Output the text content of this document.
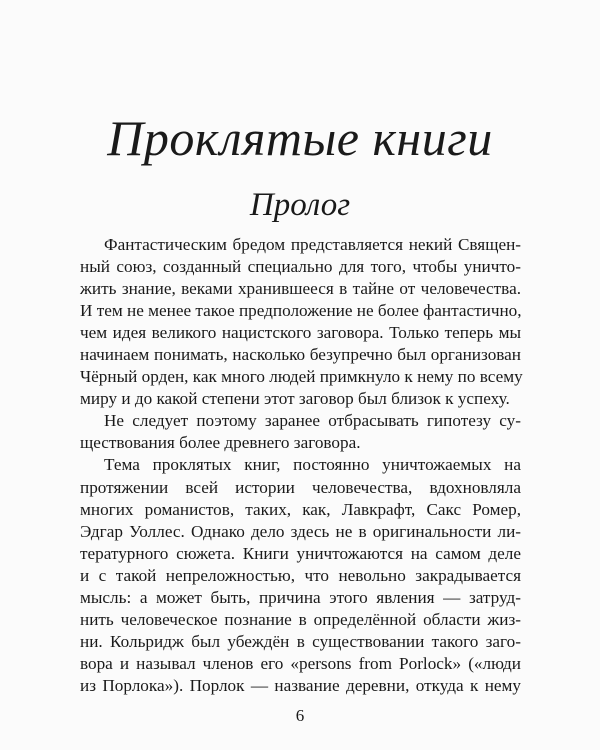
Проклятые книги
Пролог
Фантастическим бредом представляется некий Священ-
ный союз, созданный специально для того, чтобы уничто-
жить знание, веками хранившееся в тайне от человечества.
И тем не менее такое предположение не более фантастично,
чем идея великого нацистского заговора. Только теперь мы
начинаем понимать, насколько безупречно был организован
Чёрный орден, как много людей примкнуло к нему по всему
миру и до какой степени этот заговор был близок к успеху.
Не следует поэтому заранее отбрасывать гипотезу су-
ществования более древнего заговора.
Тема проклятых книг, постоянно уничтожаемых на
протяжении всей истории человечества, вдохновляла
многих романистов, таких, как, Лавкрафт, Сакс Ромер,
Эдгар Уоллес. Однако дело здесь не в оригинальности ли-
тературного сюжета. Книги уничтожаются на самом деле
и с такой непреложностью, что невольно закрадывается
мысль: а может быть, причина этого явления — затруд-
нить человеческое познание в определённой области жиз-
ни. Кольридж был убеждён в существовании такого заго-
вора и называл членов его «persons from Porlock» («люди
из Порлока»). Порлок — название деревни, откуда к нему
6
